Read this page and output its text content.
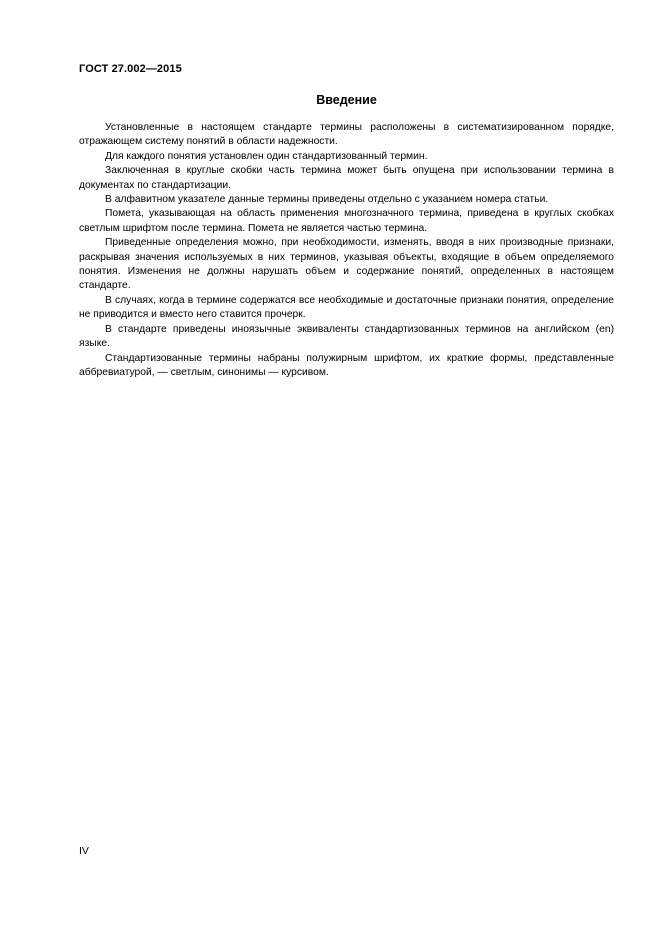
ГОСТ 27.002—2015
Введение

Установленные в настоящем стандарте термины расположены в систематизированном порядке, отражающем систему понятий в области надежности.

Для каждого понятия установлен один стандартизованный термин.

Заключенная в круглые скобки часть термина может быть опущена при использовании термина в документах по стандартизации.

В алфавитном указателе данные термины приведены отдельно с указанием номера статьи.

Помета, указывающая на область применения многозначного термина, приведена в круглых скобках светлым шрифтом после термина. Помета не является частью термина.

Приведенные определения можно, при необходимости, изменять, вводя в них производные признаки, раскрывая значения используемых в них терминов, указывая объекты, входящие в объем определяемого понятия. Изменения не должны нарушать объем и содержание понятий, определенных в настоящем стандарте.

В случаях, когда в термине содержатся все необходимые и достаточные признаки понятия, определение не приводится и вместо него ставится прочерк.

В стандарте приведены иноязычные эквиваленты стандартизованных терминов на английском (en) языке.

Стандартизованные термины набраны полужирным шрифтом, их краткие формы, представленные аббревиатурой, — светлым, синонимы — курсивом.

IV
